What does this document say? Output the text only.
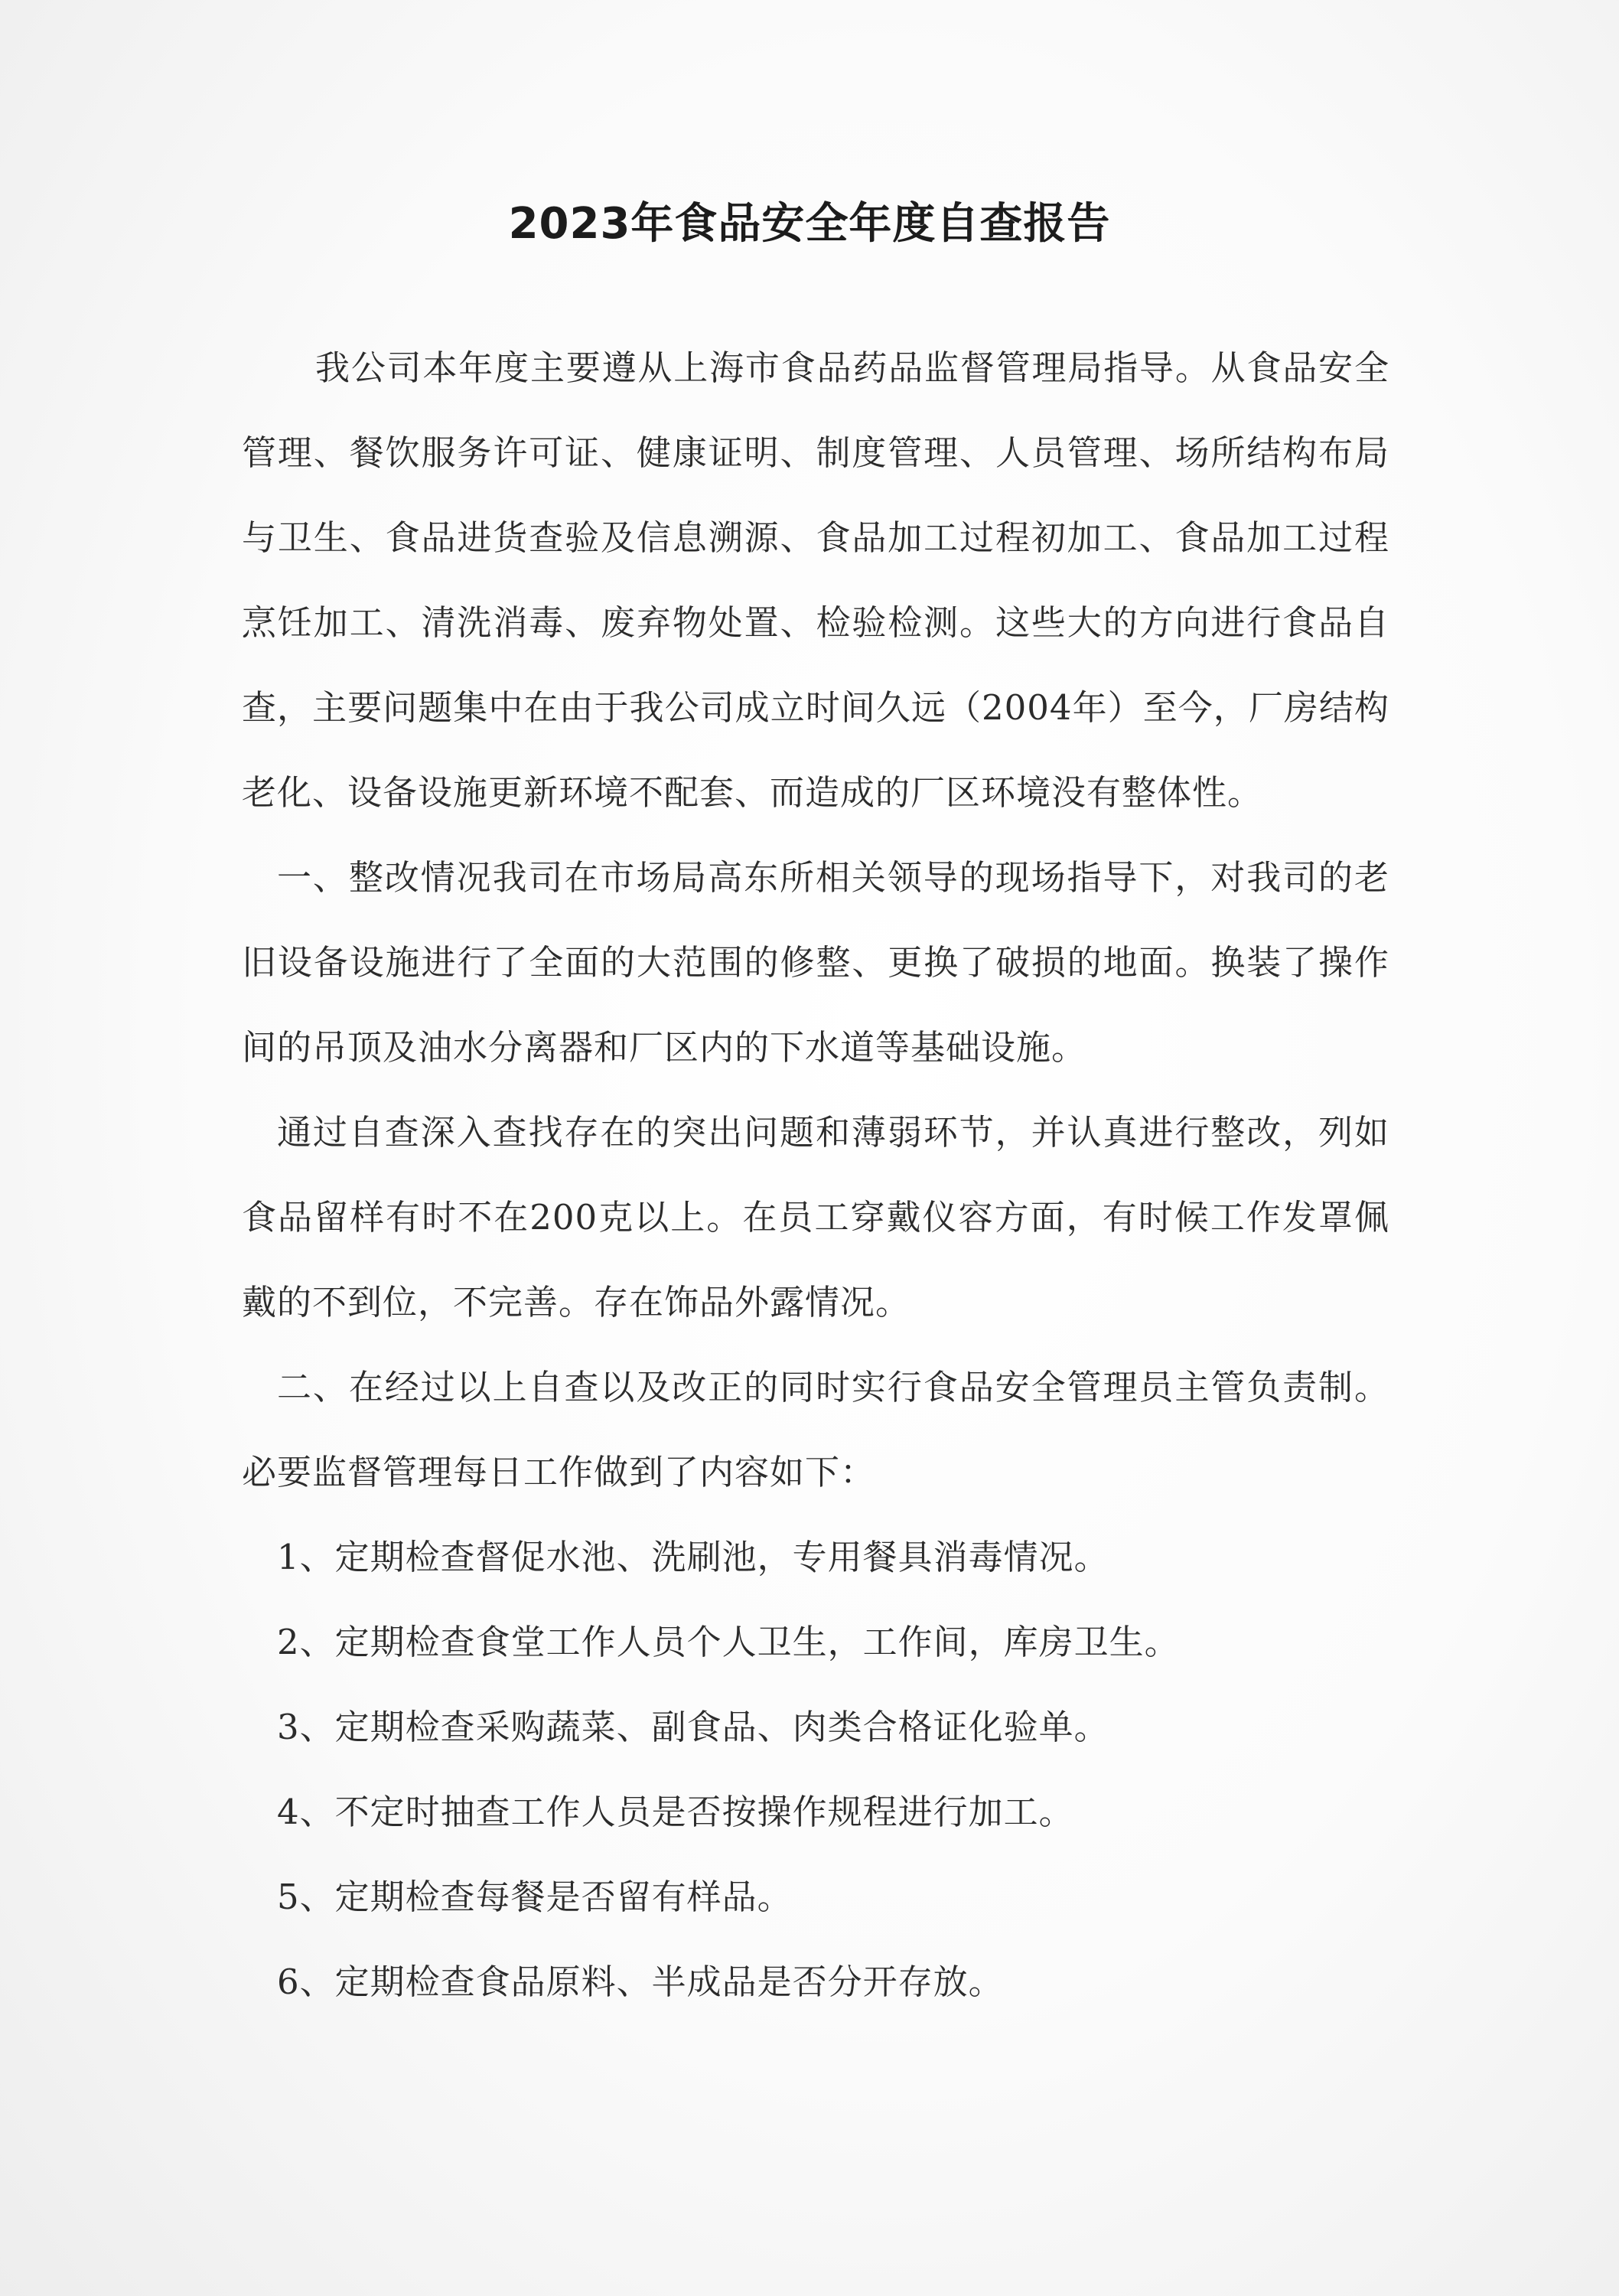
2023年食品安全年度自查报告

我公司本年度主要遵从上海市食品药品监督管理局指导。从食品安全管理、餐饮服务许可证、健康证明、制度管理、人员管理、场所结构布局与卫生、食品进货查验及信息溯源、食品加工过程初加工、食品加工过程烹饪加工、清洗消毒、废弃物处置、检验检测。这些大的方向进行食品自查，主要问题集中在由于我公司成立时间久远（2004年）至今，厂房结构老化、设备设施更新环境不配套、而造成的厂区环境没有整体性。

一、整改情况我司在市场局高东所相关领导的现场指导下，对我司的老旧设备设施进行了全面的大范围的修整、更换了破损的地面。换装了操作间的吊顶及油水分离器和厂区内的下水道等基础设施。

通过自查深入查找存在的突出问题和薄弱环节，并认真进行整改，列如食品留样有时不在200克以上。在员工穿戴仪容方面，有时候工作发罩佩戴的不到位，不完善。存在饰品外露情况。

二、在经过以上自查以及改正的同时实行食品安全管理员主管负责制。必要监督管理每日工作做到了内容如下：

1、定期检查督促水池、洗刷池，专用餐具消毒情况。

2、定期检查食堂工作人员个人卫生，工作间，库房卫生。

3、定期检查采购蔬菜、副食品、肉类合格证化验单。

4、不定时抽查工作人员是否按操作规程进行加工。

5、定期检查每餐是否留有样品。

6、定期检查食品原料、半成品是否分开存放。
